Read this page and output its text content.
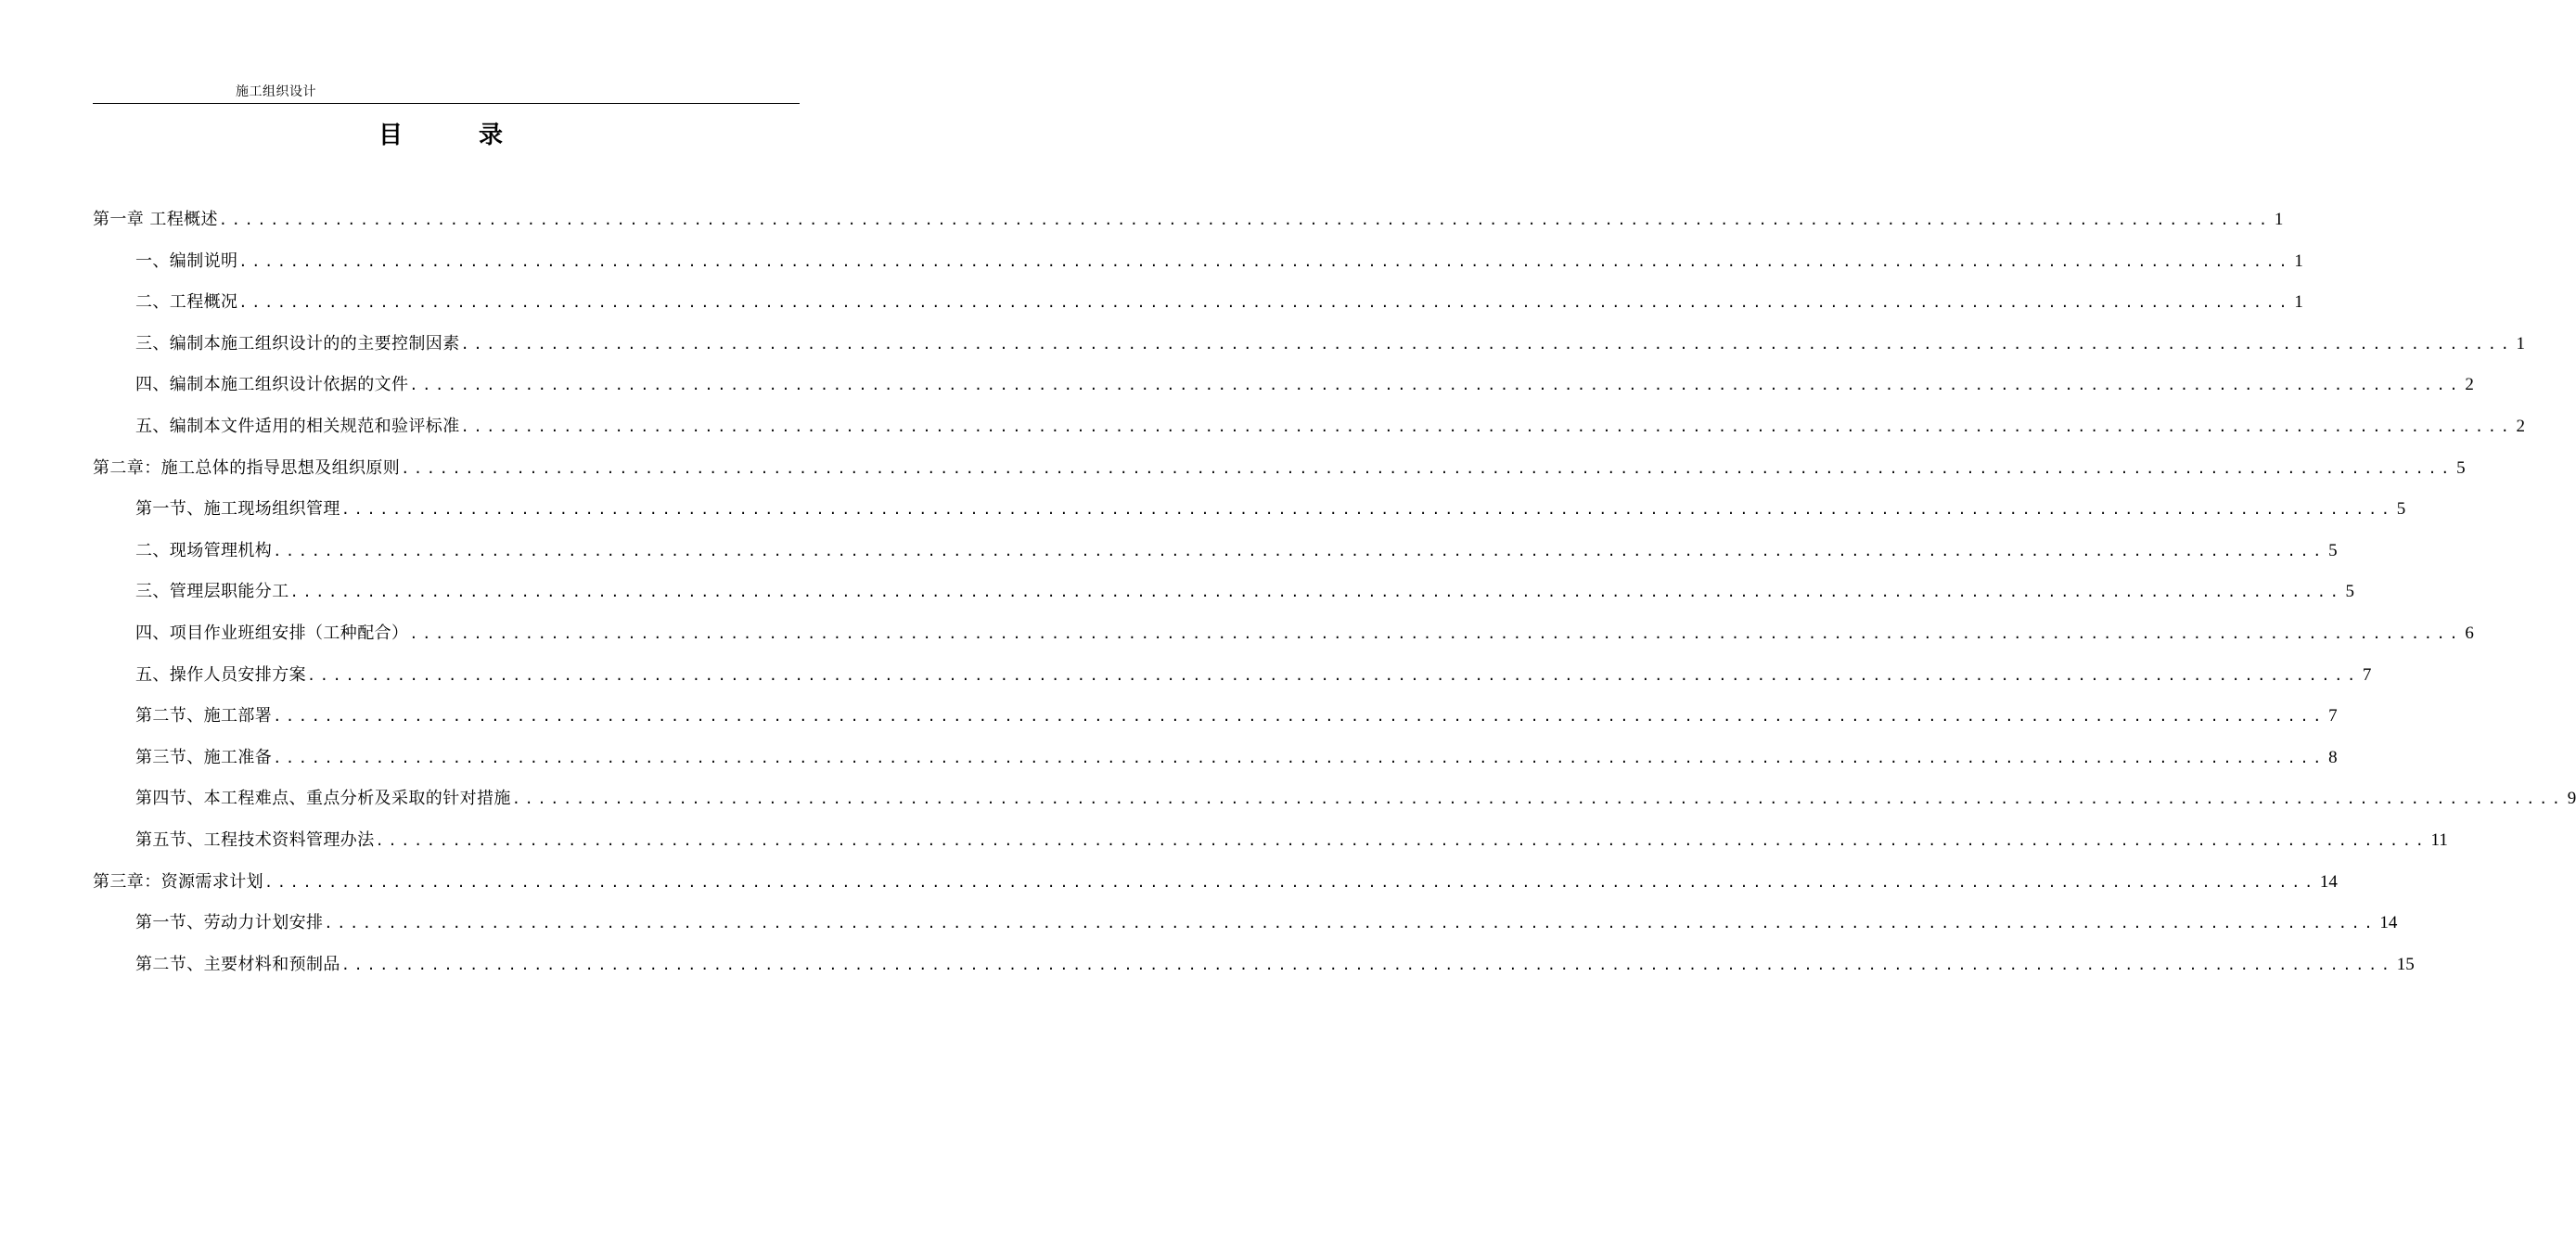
施工组织设计
目	录
第一章 工程概述 ................................................................................................................................................................ 1
一、编制说明 ................................................................................................................................................................ 1
二、工程概况 ................................................................................................................................................................ 1
三、编制本施工组织设计的的主要控制因素 ................................................................................................................................................................ 1
四、编制本施工组织设计依据的文件 ................................................................................................................................................................ 2
五、编制本文件适用的相关规范和验评标准 ................................................................................................................................................................ 2
第二章：施工总体的指导思想及组织原则 ................................................................................................................................................................ 5
第一节、施工现场组织管理 ................................................................................................................................................................ 5
二、现场管理机构 ................................................................................................................................................................ 5
三、管理层职能分工 ................................................................................................................................................................ 5
四、项目作业班组安排（工种配合） ................................................................................................................................................................ 6
五、操作人员安排方案 ................................................................................................................................................................ 7
第二节、施工部署 ................................................................................................................................................................ 7
第三节、施工准备 ................................................................................................................................................................ 8
第四节、本工程难点、重点分析及采取的针对措施 ................................................................................................................................................................ 9
第五节、工程技术资料管理办法 ................................................................................................................................................................ 11
第三章：资源需求计划 ................................................................................................................................................................ 14
第一节、劳动力计划安排 ................................................................................................................................................................ 14
第二节、主要材料和预制品 ................................................................................................................................................................ 15
